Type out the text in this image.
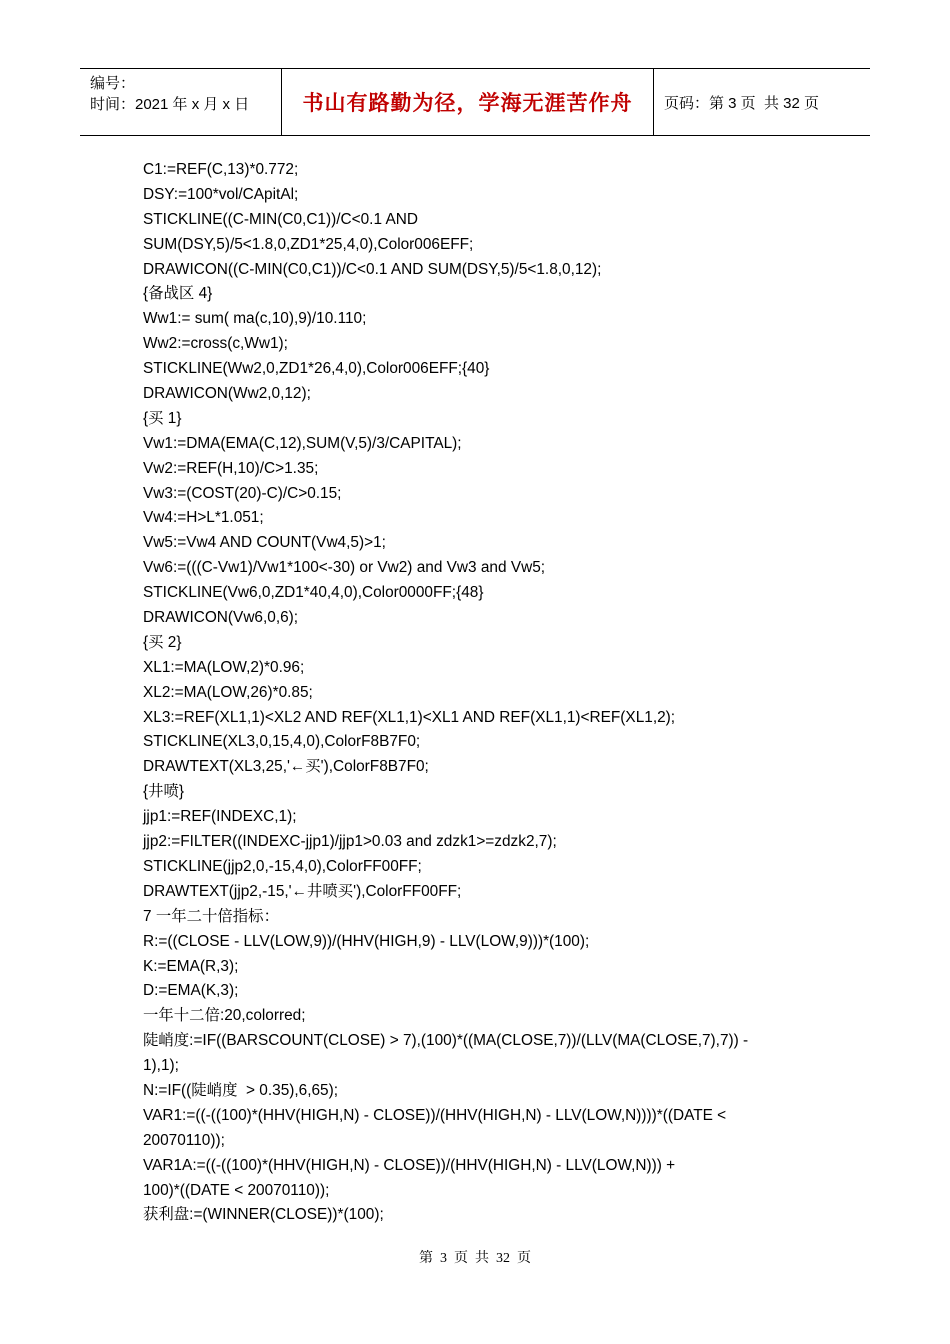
编号：
时间：2021 年 x 月 x 日	书山有路勤为径，学海无涯苦作舟	页码：第 3 页  共 32 页
C1:=REF(C,13)*0.772;
DSY:=100*vol/CApitAl;
STICKLINE((C-MIN(C0,C1))/C<0.1 AND
SUM(DSY,5)/5<1.8,0,ZD1*25,4,0),Color006EFF;
DRAWICON((C-MIN(C0,C1))/C<0.1 AND SUM(DSY,5)/5<1.8,0,12);
{备战区 4}
Ww1:= sum( ma(c,10),9)/10.110;
Ww2:=cross(c,Ww1);
STICKLINE(Ww2,0,ZD1*26,4,0),Color006EFF;{40}
DRAWICON(Ww2,0,12);
{买 1}
Vw1:=DMA(EMA(C,12),SUM(V,5)/3/CAPITAL);
Vw2:=REF(H,10)/C>1.35;
Vw3:=(COST(20)-C)/C>0.15;
Vw4:=H>L*1.051;
Vw5:=Vw4 AND COUNT(Vw4,5)>1;
Vw6:=(((C-Vw1)/Vw1*100<-30) or Vw2) and Vw3 and Vw5;
STICKLINE(Vw6,0,ZD1*40,4,0),Color0000FF;{48}
DRAWICON(Vw6,0,6);
{买 2}
XL1:=MA(LOW,2)*0.96;
XL2:=MA(LOW,26)*0.85;
XL3:=REF(XL1,1)<XL2 AND REF(XL1,1)<XL1 AND REF(XL1,1)<REF(XL1,2);
STICKLINE(XL3,0,15,4,0),ColorF8B7F0;
DRAWTEXT(XL3,25,'←买'),ColorF8B7F0;
{井喷}
jjp1:=REF(INDEXC,1);
jjp2:=FILTER((INDEXC-jjp1)/jjp1>0.03 and zdzk1>=zdzk2,7);
STICKLINE(jjp2,0,-15,4,0),ColorFF00FF;
DRAWTEXT(jjp2,-15,'←井喷买'),ColorFF00FF;
7 一年二十倍指标：
R:=((CLOSE - LLV(LOW,9))/(HHV(HIGH,9) - LLV(LOW,9)))*(100);
K:=EMA(R,3);
D:=EMA(K,3);
一年十二倍:20,colorred;
陡峭度:=IF((BARSCOUNT(CLOSE) > 7),(100)*((MA(CLOSE,7))/(LLV(MA(CLOSE,7),7)) -
1),1);
N:=IF((陡峭度  > 0.35),6,65);
VAR1:=((-((100)*(HHV(HIGH,N) - CLOSE))/(HHV(HIGH,N) - LLV(LOW,N))))*((DATE <
20070110));
VAR1A:=((-((100)*(HHV(HIGH,N) - CLOSE))/(HHV(HIGH,N) - LLV(LOW,N))) +
100)*((DATE < 20070110));
获利盘:=(WINNER(CLOSE))*(100);
第  3  页  共  32  页
